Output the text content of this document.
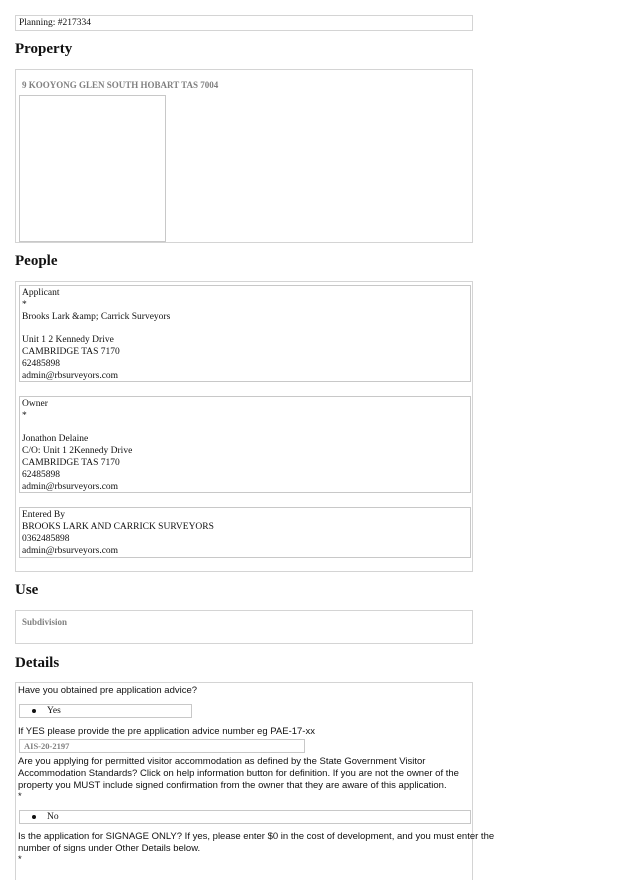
Planning: #217334
Property
9 KOOYONG GLEN SOUTH HOBART TAS 7004
People
Applicant
*
Brooks Lark &amp; Carrick Surveyors
Unit 1 2 Kennedy Drive
CAMBRIDGE TAS 7170
62485898
admin@rbsurveyors.com
Owner
*
Jonathon Delaine
C/O: Unit 1 2Kennedy Drive
CAMBRIDGE TAS 7170
62485898
admin@rbsurveyors.com
Entered By
BROOKS LARK AND CARRICK SURVEYORS
0362485898
admin@rbsurveyors.com
Use
Subdivision
Details
Have you obtained pre application advice?
Yes
If YES please provide the pre application advice number eg PAE-17-xx
AIS-20-2197
Are you applying for permitted visitor accommodation as defined by the State Government Visitor
Accommodation Standards? Click on help information button for definition. If you are not the owner of the
property you MUST include signed confirmation from the owner that they are aware of this application.
*
No
Is the application for SIGNAGE ONLY? If yes, please enter $0 in the cost of development, and you must enter the
number of signs under Other Details below.
*
